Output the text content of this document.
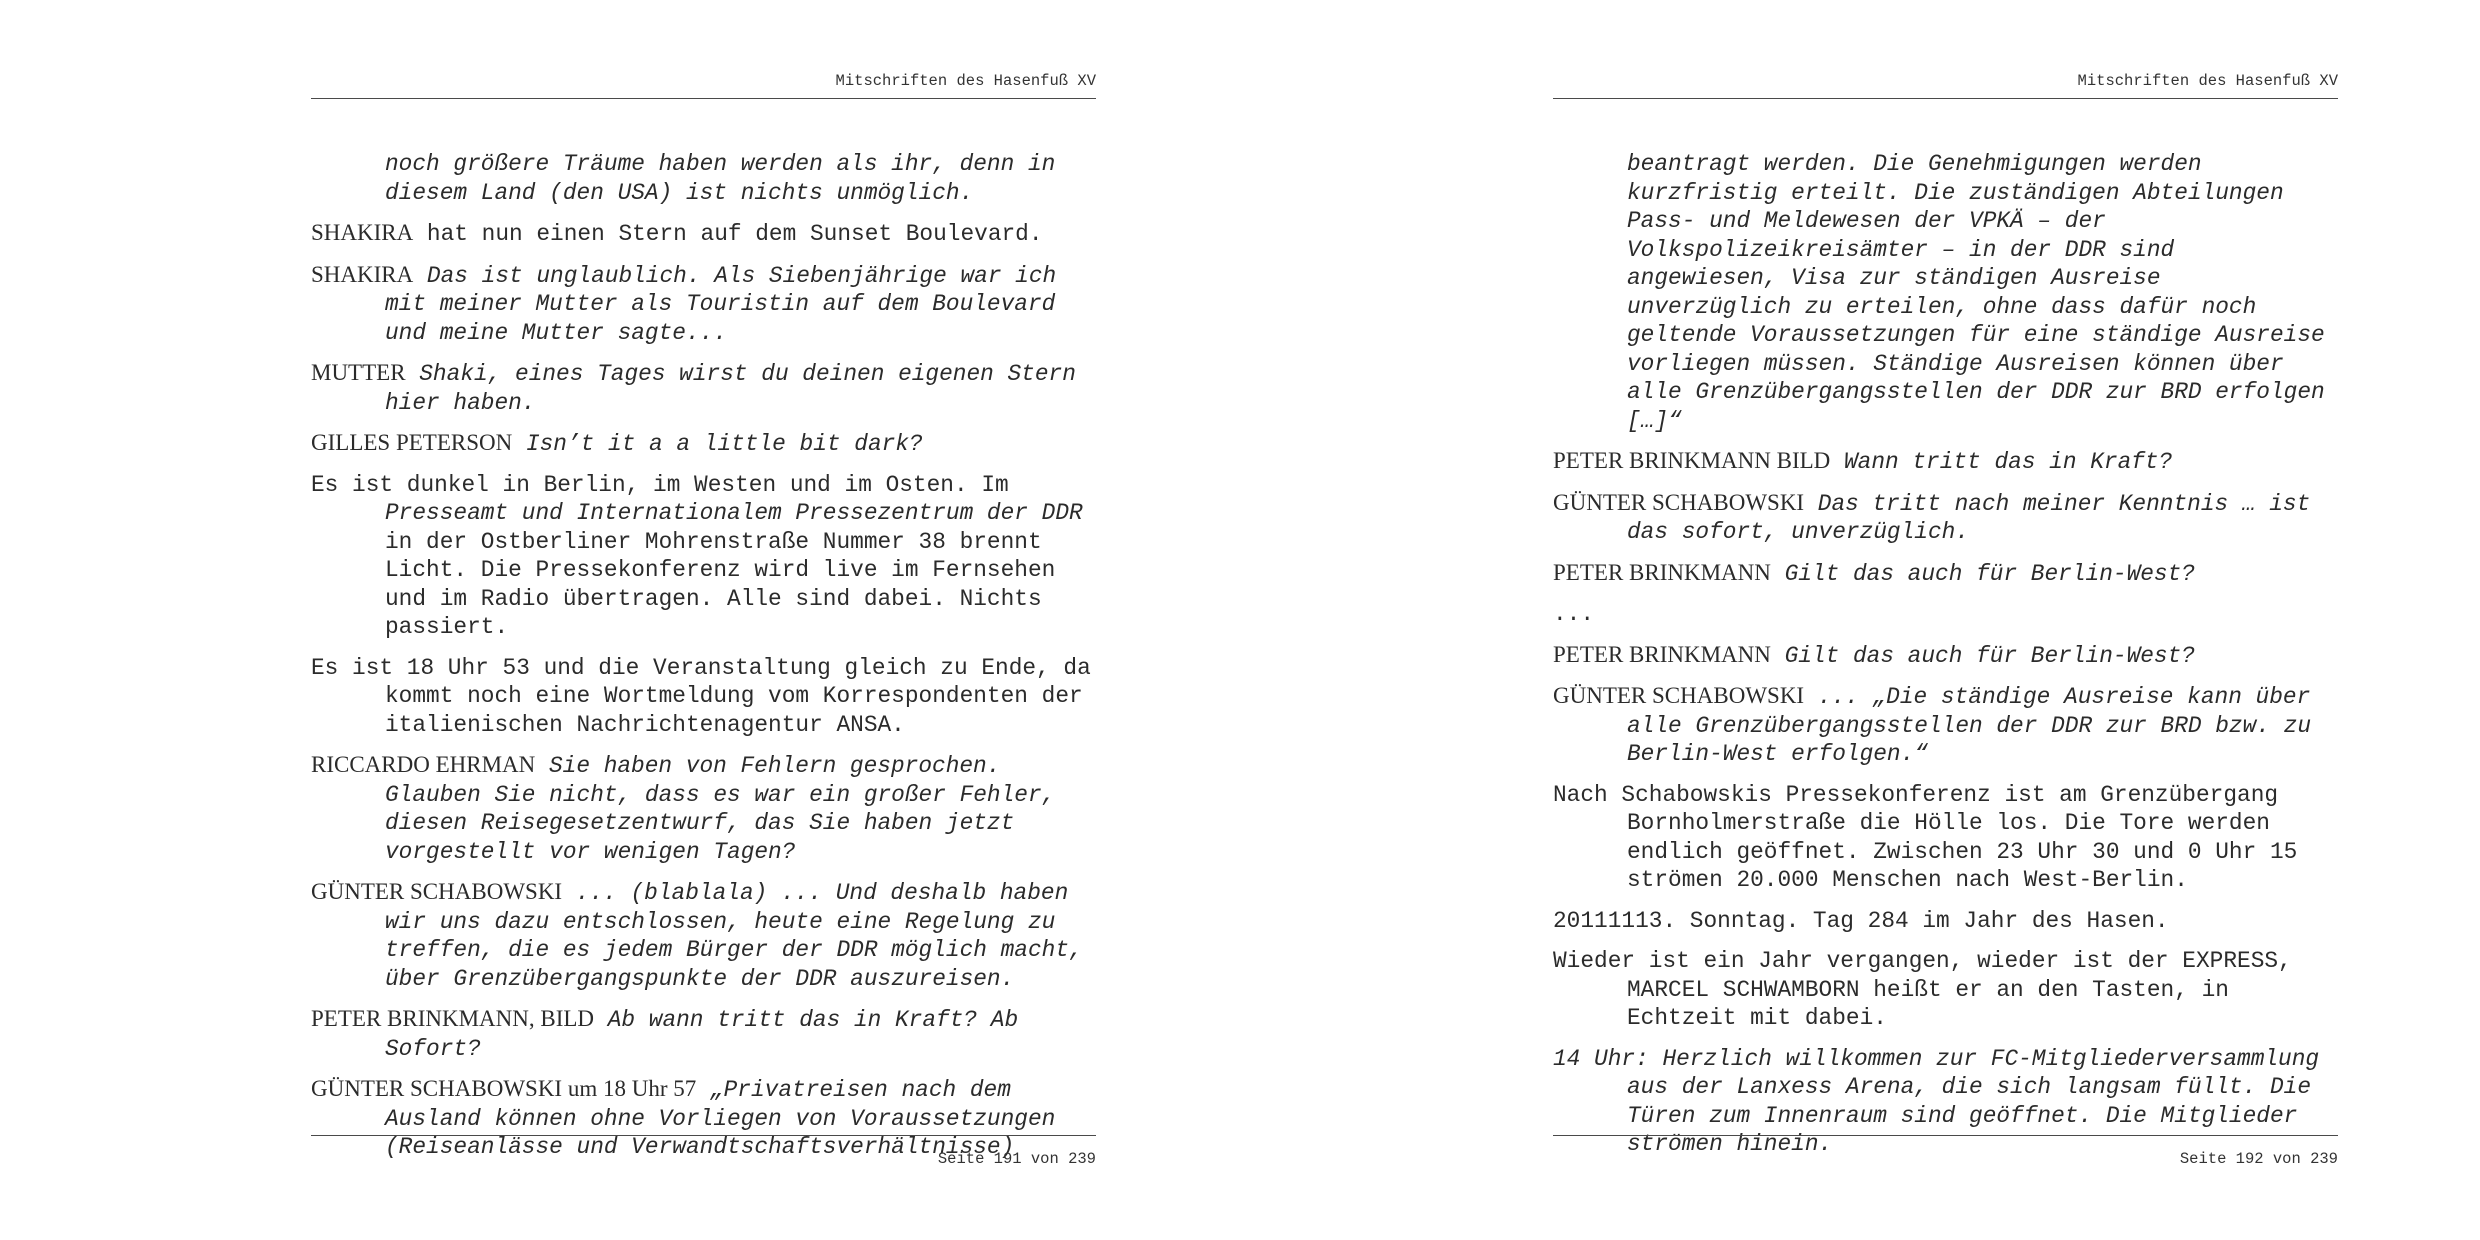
Mitschriften des Hasenfuß XV

noch größere Träume haben werden als ihr, denn in diesem Land (den USA) ist nichts unmöglich.

SHAKIRA hat nun einen Stern auf dem Sunset Boulevard.

SHAKIRA Das ist unglaublich. Als Siebenjährige war ich mit meiner Mutter als Touristin auf dem Boulevard und meine Mutter sagte...

MUTTER Shaki, eines Tages wirst du deinen eigenen Stern hier haben.

GILLES PETERSON Isn’t it a a little bit dark?

Es ist dunkel in Berlin, im Westen und im Osten. Im Presseamt und Internationalem Pressezentrum der DDR in der Ostberliner Mohrenstraße Nummer 38 brennt Licht. Die Pressekonferenz wird live im Fernsehen und im Radio übertragen. Alle sind dabei. Nichts passiert.

Es ist 18 Uhr 53 und die Veranstaltung gleich zu Ende, da kommt noch eine Wortmeldung vom Korrespondenten der italienischen Nachrichtenagentur ANSA.

RICCARDO EHRMAN Sie haben von Fehlern gesprochen. Glauben Sie nicht, dass es war ein großer Fehler, diesen Reisegesetzentwurf, das Sie haben jetzt vorgestellt vor wenigen Tagen?

GÜNTER SCHABOWSKI ... (blablala) ... Und deshalb haben wir uns dazu entschlossen, heute eine Regelung zu treffen, die es jedem Bürger der DDR möglich macht, über Grenzübergangspunkte der DDR auszureisen.

PETER BRINKMANN, BILD Ab wann tritt das in Kraft? Ab Sofort?

GÜNTER SCHABOWSKI um 18 Uhr 57 „Privatreisen nach dem Ausland können ohne Vorliegen von Voraussetzungen (Reiseanlässe und Verwandtschaftsverhältnisse)

Seite 191 von 239
Mitschriften des Hasenfuß XV

beantragt werden. Die Genehmigungen werden kurzfristig erteilt. Die zuständigen Abteilungen Pass- und Meldewesen der VPKÄ – der Volkspolizeikreisämter – in der DDR sind angewiesen, Visa zur ständigen Ausreise unverzüglich zu erteilen, ohne dass dafür noch geltende Voraussetzungen für eine ständige Ausreise vorliegen müssen. Ständige Ausreisen können über alle Grenzübergangsstellen der DDR zur BRD erfolgen […]“

PETER BRINKMANN BILD Wann tritt das in Kraft?

GÜNTER SCHABOWSKI Das tritt nach meiner Kenntnis … ist das sofort, unverzüglich.

PETER BRINKMANN Gilt das auch für Berlin-West?

...

PETER BRINKMANN Gilt das auch für Berlin-West?

GÜNTER SCHABOWSKI ... „Die ständige Ausreise kann über alle Grenzübergangsstellen der DDR zur BRD bzw. zu Berlin-West erfolgen.“

Nach Schabowskis Pressekonferenz ist am Grenzübergang Bornholmerstraße die Hölle los. Die Tore werden endlich geöffnet. Zwischen 23 Uhr 30 und 0 Uhr 15 strömen 20.000 Menschen nach West-Berlin.

20111113. Sonntag. Tag 284 im Jahr des Hasen.

Wieder ist ein Jahr vergangen, wieder ist der EXPRESS, MARCEL SCHWAMBORN heißt er an den Tasten, in Echtzeit mit dabei.

14 Uhr: Herzlich willkommen zur FC-Mitgliederversammlung aus der Lanxess Arena, die sich langsam füllt. Die Türen zum Innenraum sind geöffnet. Die Mitglieder strömen hinein.

Seite 192 von 239
